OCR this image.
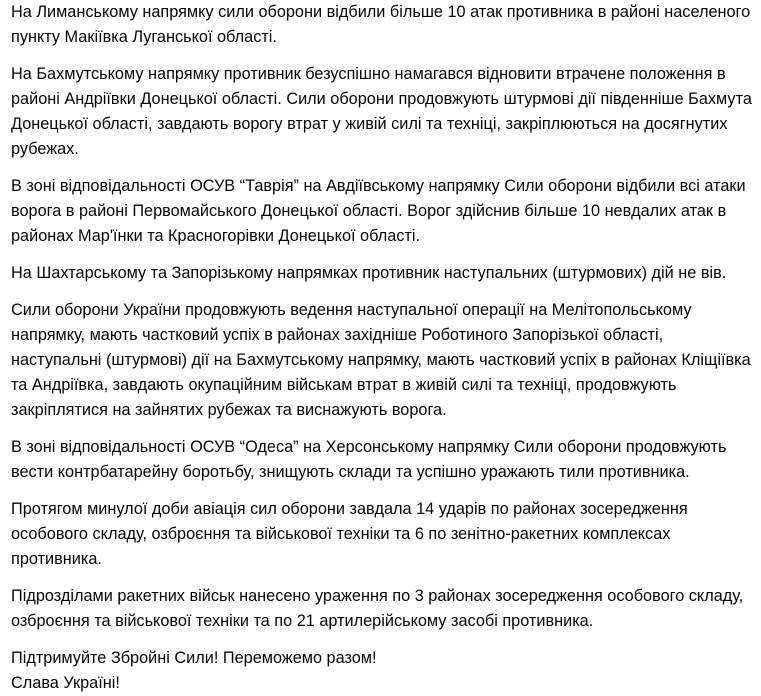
На Лиманському напрямку сили оборони відбили більше 10 атак противника в районі населеного пункту Макіївка Луганської області.

На Бахмутському напрямку противник безуспішно намагався відновити втрачене положення в районі Андріївки Донецької області. Сили оборони продовжують штурмові дії південніше Бахмута Донецької області, завдають ворогу втрат у живій силі та техніці, закріплюються на досягнутих рубежах.

В зоні відповідальності ОСУВ “Таврія” на Авдіївському напрямку Сили оборони відбили всі атаки ворога в районі Первомайського Донецької області. Ворог здійснив більше 10 невдалих атак в районах Мар'їнки та Красногорівки Донецької області.

На Шахтарському та Запорізькому напрямках противник наступальних (штурмових) дій не вів.

Сили оборони України продовжують ведення наступальної операції на Мелітопольському напрямку, мають частковий успіх в районах західніше Роботиного Запорізької області, наступальні (штурмові) дії на Бахмутському напрямку, мають частковий успіх в районах Кліщіївка та Андріївка, завдають окупаційним військам втрат в живій силі та техніці, продовжують закріплятися на зайнятих рубежах та виснажують ворога.

В зоні відповідальності ОСУВ “Одеса” на Херсонському напрямку Сили оборони продовжують вести контрбатарейну боротьбу, знищують склади та успішно уражають тили противника.

Протягом минулої доби авіація сил оборони завдала 14 ударів по районах зосередження особового складу, озброєння та військової техніки та 6 по зенітно-ракетних комплексах противника.

Підрозділами ракетних військ нанесено ураження по 3 районах зосередження особового складу, озброєння та військової техніки та по 21 артилерійському засобі противника.

Підтримуйте Збройні Сили! Переможемо разом!
Слава Україні!
